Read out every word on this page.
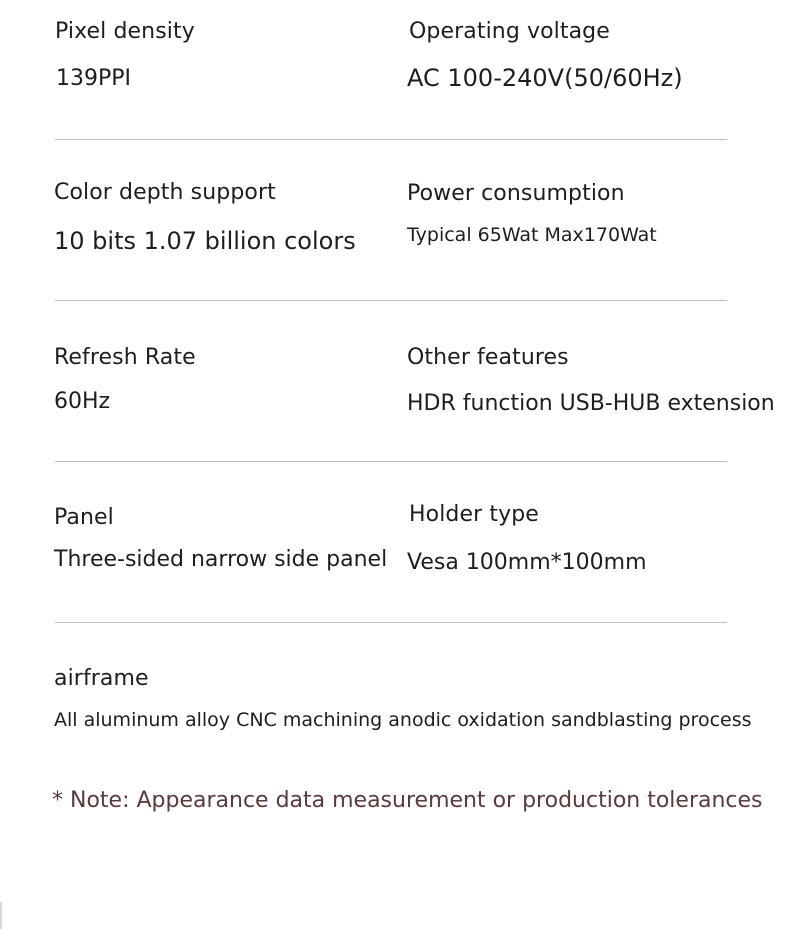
Pixel density
139PPI
Operating voltage
AC 100-240V(50/60Hz)
Color depth support
10 bits 1.07 billion colors
Power consumption
Typical 65Wat Max170Wat
Refresh Rate
60Hz
Other features
HDR function USB-HUB extension
Panel
Three-sided narrow side panel
Holder type
Vesa 100mm*100mm
airframe
All aluminum alloy CNC machining anodic oxidation sandblasting process
* Note: Appearance data measurement or production tolerances
